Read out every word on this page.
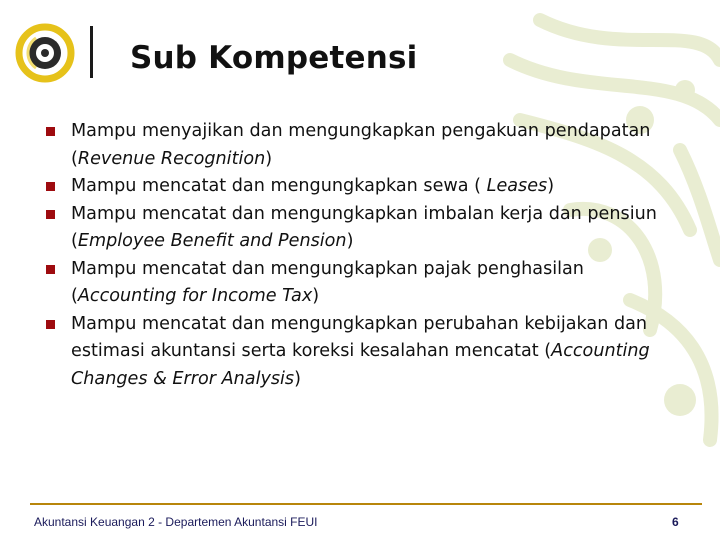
Sub Kompetensi
Mampu menyajikan dan mengungkapkan pengakuan pendapatan
(Revenue Recognition)
Mampu mencatat dan mengungkapkan sewa ( Leases)
Mampu mencatat dan mengungkapkan imbalan kerja dan pensiun
(Employee Benefit and Pension)
Mampu mencatat dan mengungkapkan pajak penghasilan
(Accounting for Income Tax)
Mampu mencatat dan mengungkapkan perubahan kebijakan dan
estimasi akuntansi serta koreksi kesalahan mencatat (Accounting
Changes & Error Analysis)
Akuntansi Keuangan 2 - Departemen Akuntansi FEUI	6
